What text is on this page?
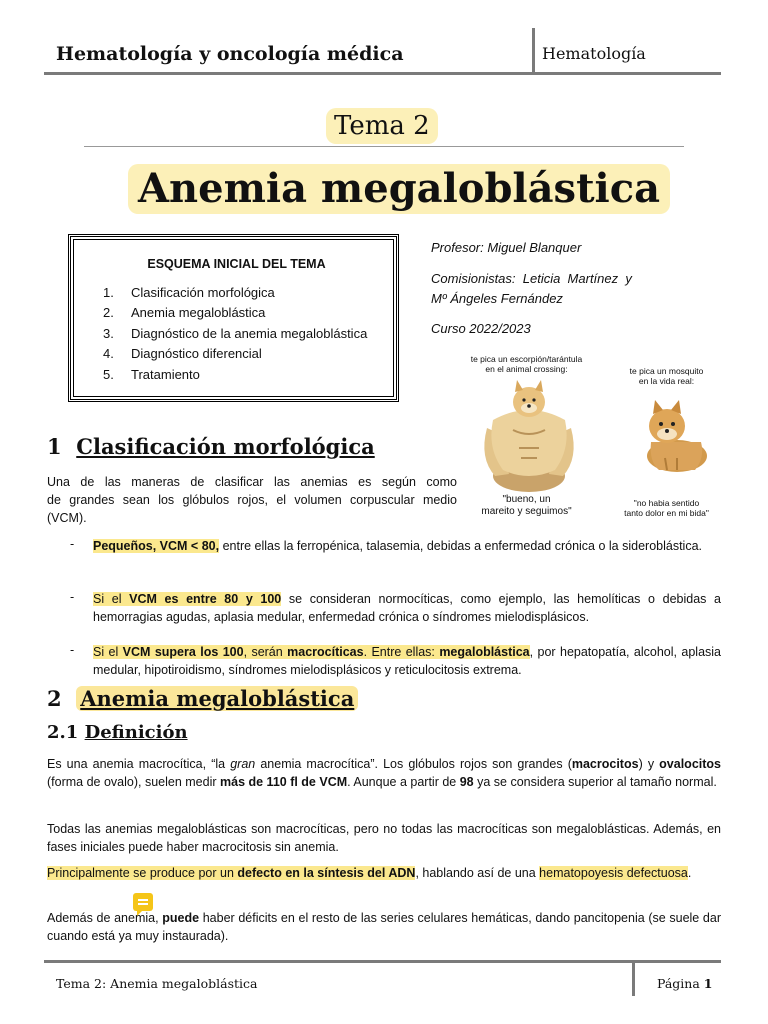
Hematología y oncología médica	Hematología
Tema 2
Anemia megaloblástica
ESQUEMA INICIAL DEL TEMA
1. Clasificación morfológica
2. Anemia megaloblástica
3. Diagnóstico de la anemia megaloblástica
4. Diagnóstico diferencial
5. Tratamiento
Profesor: Miguel Blanquer
Comisionistas:  Leticia  Martínez  y
Mº Ángeles Fernández
Curso 2022/2023
te pica un escorpión/tarántula
en el animal crossing:	te pica un mosquito
en la vida real:
"bueno, un
mareito y seguimos"
"no habia sentido
tanto dolor en mi bida"
1 Clasificación morfológica
Una de las maneras de clasificar las anemias es según como
de grandes sean los glóbulos rojos, el volumen corpuscular medio
(VCM).
- Pequeños, VCM < 80, entre ellas la ferropénica, talasemia, debidas a enfermedad crónica o la sideroblástica.
- Si el VCM es entre 80 y 100 se consideran normocíticas, como ejemplo, las hemolíticas o debidas a hemorragias agudas, aplasia medular, enfermedad crónica o síndromes mielodisplásicos.
- Si el VCM supera los 100, serán macrocíticas. Entre ellas: megaloblástica, por hepatopatía, alcohol, aplasia medular, hipotiroidismo, síndromes mielodisplásicos y reticulocitosis extrema.
2 Anemia megaloblástica
2.1 Definición
Es una anemia macrocítica, “la gran anemia macrocítica”. Los glóbulos rojos son grandes (macrocitos) y ovalocitos (forma de ovalo), suelen medir más de 110 fl de VCM. Aunque a partir de 98 ya se considera superior al tamaño normal.
Todas las anemias megaloblásticas son macrocíticas, pero no todas las macrocíticas son megaloblásticas. Además, en fases iniciales puede haber macrocitosis sin anemia.
Principalmente se produce por un defecto en la síntesis del ADN, hablando así de una hematopoyesis defectuosa.
Además de anemia, puede haber déficits en el resto de las series celulares hemáticas, dando pancitopenia (se suele dar cuando está ya muy instaurada).
Tema 2: Anemia megaloblástica	Página 1
